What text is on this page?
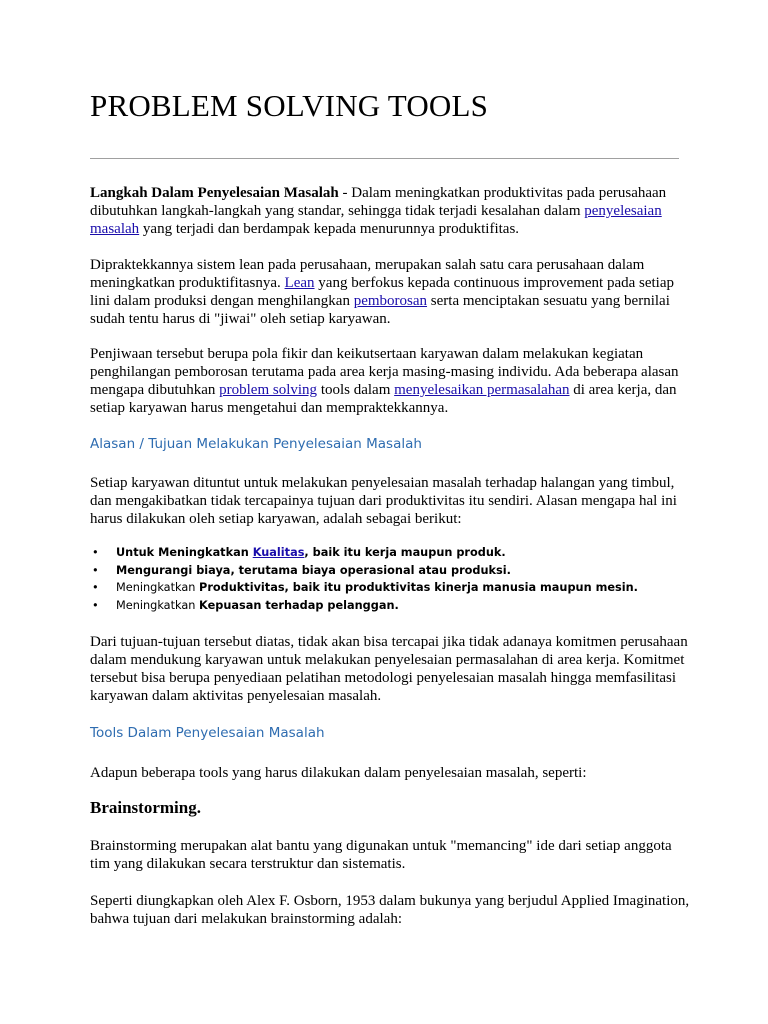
PROBLEM SOLVING TOOLS

Langkah Dalam Penyelesaian Masalah - Dalam meningkatkan produktivitas pada perusahaan dibutuhkan langkah-langkah yang standar, sehingga tidak terjadi kesalahan dalam penyelesaian masalah yang terjadi dan berdampak kepada menurunnya produktifitas.

Dipraktekkannya sistem lean pada perusahaan, merupakan salah satu cara perusahaan dalam meningkatkan produktifitasnya. Lean yang berfokus kepada continuous improvement pada setiap lini dalam produksi dengan menghilangkan pemborosan serta menciptakan sesuatu yang bernilai sudah tentu harus di "jiwai" oleh setiap karyawan.

Penjiwaan tersebut berupa pola fikir dan keikutsertaan karyawan dalam melakukan kegiatan penghilangan pemborosan terutama pada area kerja masing-masing individu. Ada beberapa alasan mengapa dibutuhkan problem solving tools dalam menyelesaikan permasalahan di area kerja, dan setiap karyawan harus mengetahui dan mempraktekkannya.

Alasan / Tujuan Melakukan Penyelesaian Masalah

Setiap karyawan dituntut untuk melakukan penyelesaian masalah terhadap halangan yang timbul, dan mengakibatkan tidak tercapainya tujuan dari produktivitas itu sendiri. Alasan mengapa hal ini harus dilakukan oleh setiap karyawan, adalah sebagai berikut:

•	Untuk Meningkatkan Kualitas, baik itu kerja maupun produk.
•	Mengurangi biaya, terutama biaya operasional atau produksi.
•	Meningkatkan Produktivitas, baik itu produktivitas kinerja manusia maupun mesin.
•	Meningkatkan Kepuasan terhadap pelanggan.

Dari tujuan-tujuan tersebut diatas, tidak akan bisa tercapai jika tidak adanaya komitmen perusahaan dalam mendukung karyawan untuk melakukan penyelesaian permasalahan di area kerja. Komitmet tersebut bisa berupa penyediaan pelatihan metodologi penyelesaian masalah hingga memfasilitasi karyawan dalam aktivitas penyelesaian masalah.

Tools Dalam Penyelesaian Masalah

Adapun beberapa tools yang harus dilakukan dalam penyelesaian masalah, seperti:

Brainstorming.

Brainstorming merupakan alat bantu yang digunakan untuk "memancing" ide dari setiap anggota tim yang dilakukan secara terstruktur dan sistematis.

Seperti diungkapkan oleh Alex F. Osborn, 1953 dalam bukunya yang berjudul Applied Imagination, bahwa tujuan dari melakukan brainstorming adalah:
